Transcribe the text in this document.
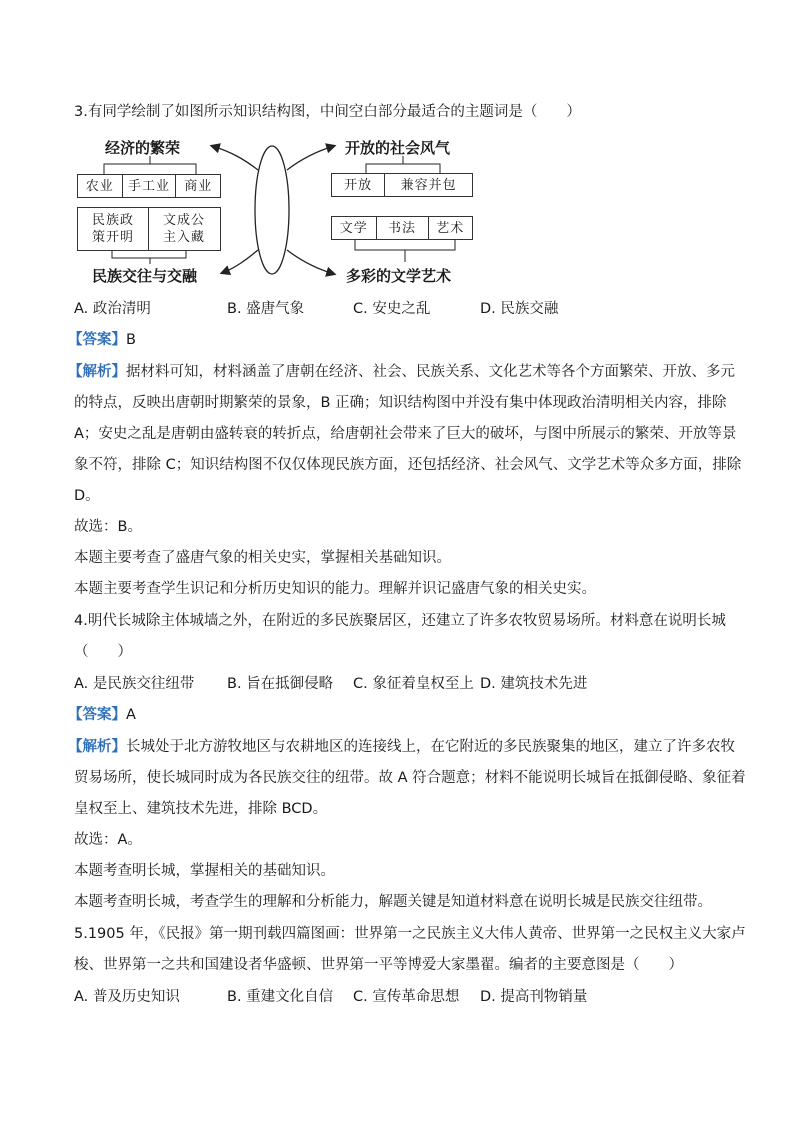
3.有同学绘制了如图所示知识结构图，中间空白部分最适合的主题词是（　　）
经济的繁荣
农业	手工业	商业
民族政
策开明
文成公
主入藏
民族交往与交融
开放的社会风气
开放	兼容并包
文学	书法	艺术
多彩的文学艺术
A. 政治清明	B. 盛唐气象	C. 安史之乱	D. 民族交融
【答案】B
【解析】据材料可知，材料涵盖了唐朝在经济、社会、民族关系、文化艺术等各个方面繁荣、开放、多元
的特点，反映出唐朝时期繁荣的景象，B 正确；知识结构图中并没有集中体现政治清明相关内容，排除
A；安史之乱是唐朝由盛转衰的转折点，给唐朝社会带来了巨大的破坏，与图中所展示的繁荣、开放等景
象不符，排除 C；知识结构图不仅仅体现民族方面，还包括经济、社会风气、文学艺术等众多方面，排除
D。
故选：B。
本题主要考查了盛唐气象的相关史实，掌握相关基础知识。
本题主要考查学生识记和分析历史知识的能力。理解并识记盛唐气象的相关史实。
4.明代长城除主体城墙之外，在附近的多民族聚居区，还建立了许多农牧贸易场所。材料意在说明长城
（　　）
A. 是民族交往纽带 B. 旨在抵御侵略 C. 象征着皇权至上 D. 建筑技术先进
【答案】A
【解析】长城处于北方游牧地区与农耕地区的连接线上，在它附近的多民族聚集的地区，建立了许多农牧
贸易场所，使长城同时成为各民族交往的纽带。故 A 符合题意；材料不能说明长城旨在抵御侵略、象征着
皇权至上、建筑技术先进，排除 BCD。
故选：A。
本题考查明长城，掌握相关的基础知识。
本题考查明长城，考查学生的理解和分析能力，解题关键是知道材料意在说明长城是民族交往纽带。
5.1905 年，《民报》第一期刊载四篇图画：世界第一之民族主义大伟人黄帝、世界第一之民权主义大家卢
梭、世界第一之共和国建设者华盛顿、世界第一平等博爱大家墨翟。编者的主要意图是（　　）
A. 普及历史知识	B. 重建文化自信 C. 宣传革命思想 D. 提高刊物销量
